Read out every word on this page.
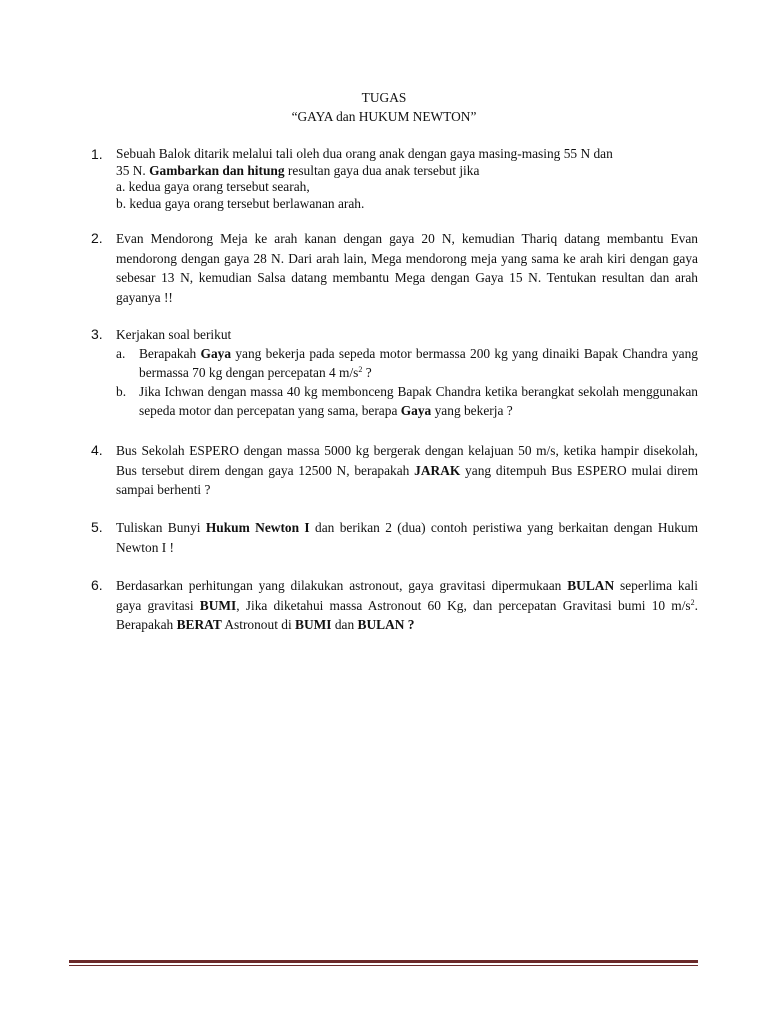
TUGAS
“GAYA dan HUKUM NEWTON”
1. Sebuah Balok ditarik melalui tali oleh dua orang anak dengan gaya masing-masing 55 N dan

35 N. Gambarkan dan hitung resultan gaya dua anak tersebut jika

a. kedua gaya orang tersebut searah,

b. kedua gaya orang tersebut berlawanan arah.

2. Evan Mendorong Meja ke arah kanan dengan gaya 20 N, kemudian Thariq datang membantu Evan mendorong dengan gaya 28 N. Dari arah lain, Mega mendorong meja yang sama ke arah kiri dengan gaya sebesar 13 N, kemudian Salsa datang membantu Mega dengan Gaya 15 N. Tentukan resultan dan arah gayanya !!

3. Kerjakan soal berikut

a. Berapakah Gaya yang bekerja pada sepeda motor bermassa 200 kg yang dinaiki Bapak Chandra yang bermassa 70 kg dengan percepatan 4 $m/s^2$ ?

b. Jika Ichwan dengan massa 40 kg membonceng Bapak Chandra ketika berangkat sekolah menggunakan sepeda motor dan percepatan yang sama, berapa Gaya yang bekerja ?

4. Bus Sekolah ESPERO dengan massa 5000 kg bergerak dengan kelajuan 50 m/s, ketika hampir disekolah, Bus tersebut direm dengan gaya 12500 N, berapakah JARAK yang ditempuh Bus ESPERO mulai direm sampai berhenti ?

5. Tuliskan Bunyi Hukum Newton I dan berikan 2 (dua) contoh peristiwa yang berkaitan dengan Hukum Newton I !

6. Berdasarkan perhitungan yang dilakukan astronout, gaya gravitasi dipermukaan BULAN seperlima kali gaya gravitasi BUMI, Jika diketahui massa Astronout 60 Kg, dan percepatan Gravitasi bumi 10 $m/s^2$. Berapakah BERAT Astronout di BUMI dan BULAN ?
